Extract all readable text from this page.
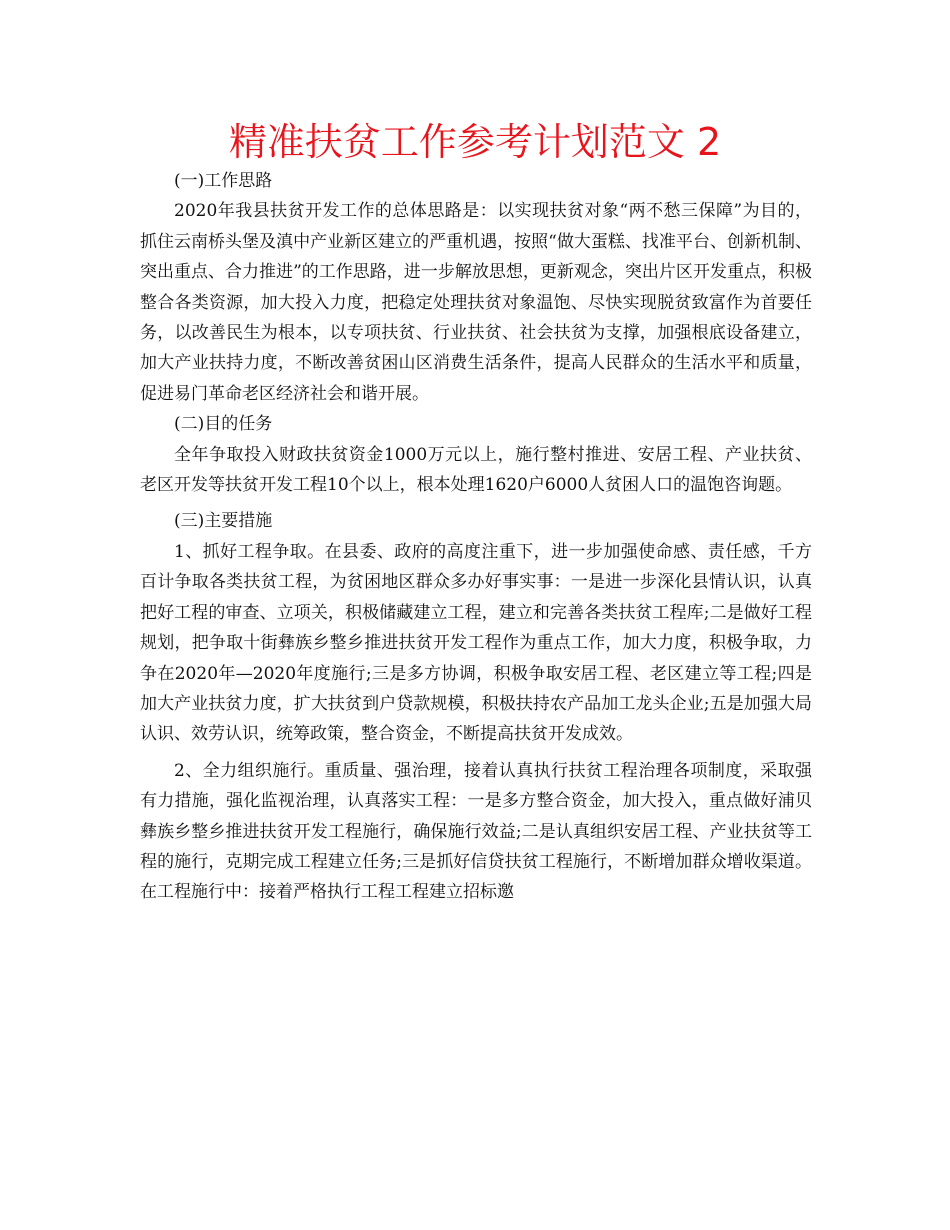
精准扶贫工作参考计划范文 2

(一)工作思路

2020年我县扶贫开发工作的总体思路是：以实现扶贫对象“两不愁三保障”为目的，抓住云南桥头堡及滇中产业新区建立的严重机遇，按照“做大蛋糕、找准平台、创新机制、突出重点、合力推进”的工作思路，进一步解放思想，更新观念，突出片区开发重点，积极整合各类资源，加大投入力度，把稳定处理扶贫对象温饱、尽快实现脱贫致富作为首要任务，以改善民生为根本，以专项扶贫、行业扶贫、社会扶贫为支撑，加强根底设备建立，加大产业扶持力度，不断改善贫困山区消费生活条件，提高人民群众的生活水平和质量，促进易门革命老区经济社会和谐开展。

(二)目的任务

全年争取投入财政扶贫资金1000万元以上，施行整村推进、安居工程、产业扶贫、老区开发等扶贫开发工程10个以上，根本处理1620户6000人贫困人口的温饱咨询题。

(三)主要措施

1、抓好工程争取。在县委、政府的高度注重下，进一步加强使命感、责任感，千方百计争取各类扶贫工程，为贫困地区群众多办好事实事：一是进一步深化县情认识，认真把好工程的审查、立项关，积极储藏建立工程，建立和完善各类扶贫工程库;二是做好工程规划，把争取十街彝族乡整乡推进扶贫开发工程作为重点工作，加大力度，积极争取，力争在2020年—2020年度施行;三是多方协调，积极争取安居工程、老区建立等工程;四是加大产业扶贫力度，扩大扶贫到户贷款规模，积极扶持农产品加工龙头企业;五是加强大局认识、效劳认识，统筹政策，整合资金，不断提高扶贫开发成效。

2、全力组织施行。重质量、强治理，接着认真执行扶贫工程治理各项制度，采取强有力措施，强化监视治理，认真落实工程：一是多方整合资金，加大投入，重点做好浦贝彝族乡整乡推进扶贫开发工程施行，确保施行效益;二是认真组织安居工程、产业扶贫等工程的施行，克期完成工程建立任务;三是抓好信贷扶贫工程施行，不断增加群众增收渠道。在工程施行中：接着严格执行工程工程建立招标邀
